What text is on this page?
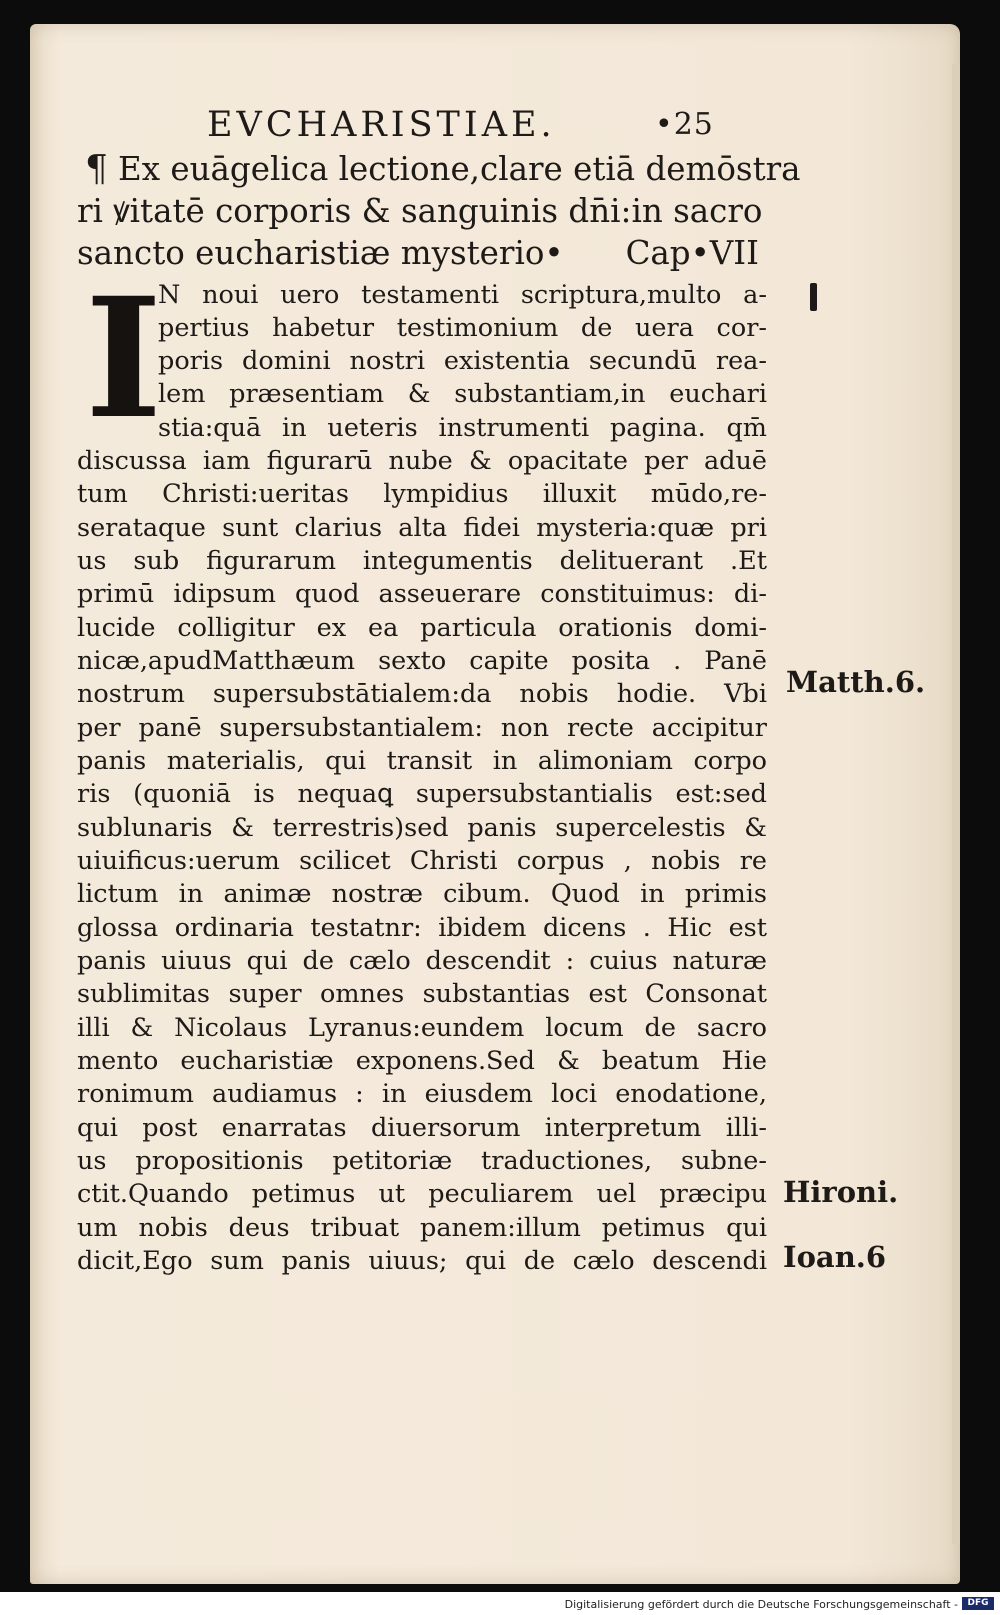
EVCHARISTIAE.	•25
¶ Ex euāgelica lectione,clare etiā demōstra
ri ꝟitatē corporis & sanguinis dn̄i:in sacro
sancto eucharistiæ mysterio•      Cap•VII
I
N noui uero testamenti scriptura,multo a-
pertius habetur testimonium de uera cor-
poris domini nostri existentia secundū rea-
lem præsentiam & substantiam,in euchari
stia:quā in ueteris instrumenti pagina. qm̄
discussa iam figurarū nube & opacitate per aduē
tum Christi:ueritas lympidius illuxit mūdo,re-
serataque sunt clarius alta fidei mysteria:quæ pri
us sub figurarum integumentis delituerant .Et
primū idipsum quod asseuerare constituimus: di-
lucide colligitur ex ea particula orationis domi-
nicæ,apudMatthæum sexto capite posita . Panē
nostrum supersubstātialem:da nobis hodie. Vbi
per panē supersubstantialem: non recte accipitur
panis materialis, qui transit in alimoniam corpo
ris (quoniā is nequaꝗ supersubstantialis est:sed
sublunaris & terrestris)sed panis supercelestis &
uiuificus:uerum scilicet Christi corpus , nobis re
lictum in animæ nostræ cibum. Quod in primis
glossa ordinaria testatnr: ibidem dicens . Hic est
panis uiuus qui de cælo descendit : cuius naturæ
sublimitas super omnes substantias est Consonat
illi & Nicolaus Lyranus:eundem locum de sacro
mento eucharistiæ exponens.Sed & beatum Hie
ronimum audiamus : in eiusdem loci enodatione,
qui post enarratas diuersorum interpretum illi-
us propositionis petitoriæ traductiones, subne-
ctit.Quando petimus ut peculiarem uel præcipu
um nobis deus tribuat panem:illum petimus qui
dicit,Ego sum panis uiuus; qui de cælo descendi
Matth.6.
Hironi.
Ioan.6
Digitalisierung gefördert durch die Deutsche Forschungsgemeinschaft -	DFG
